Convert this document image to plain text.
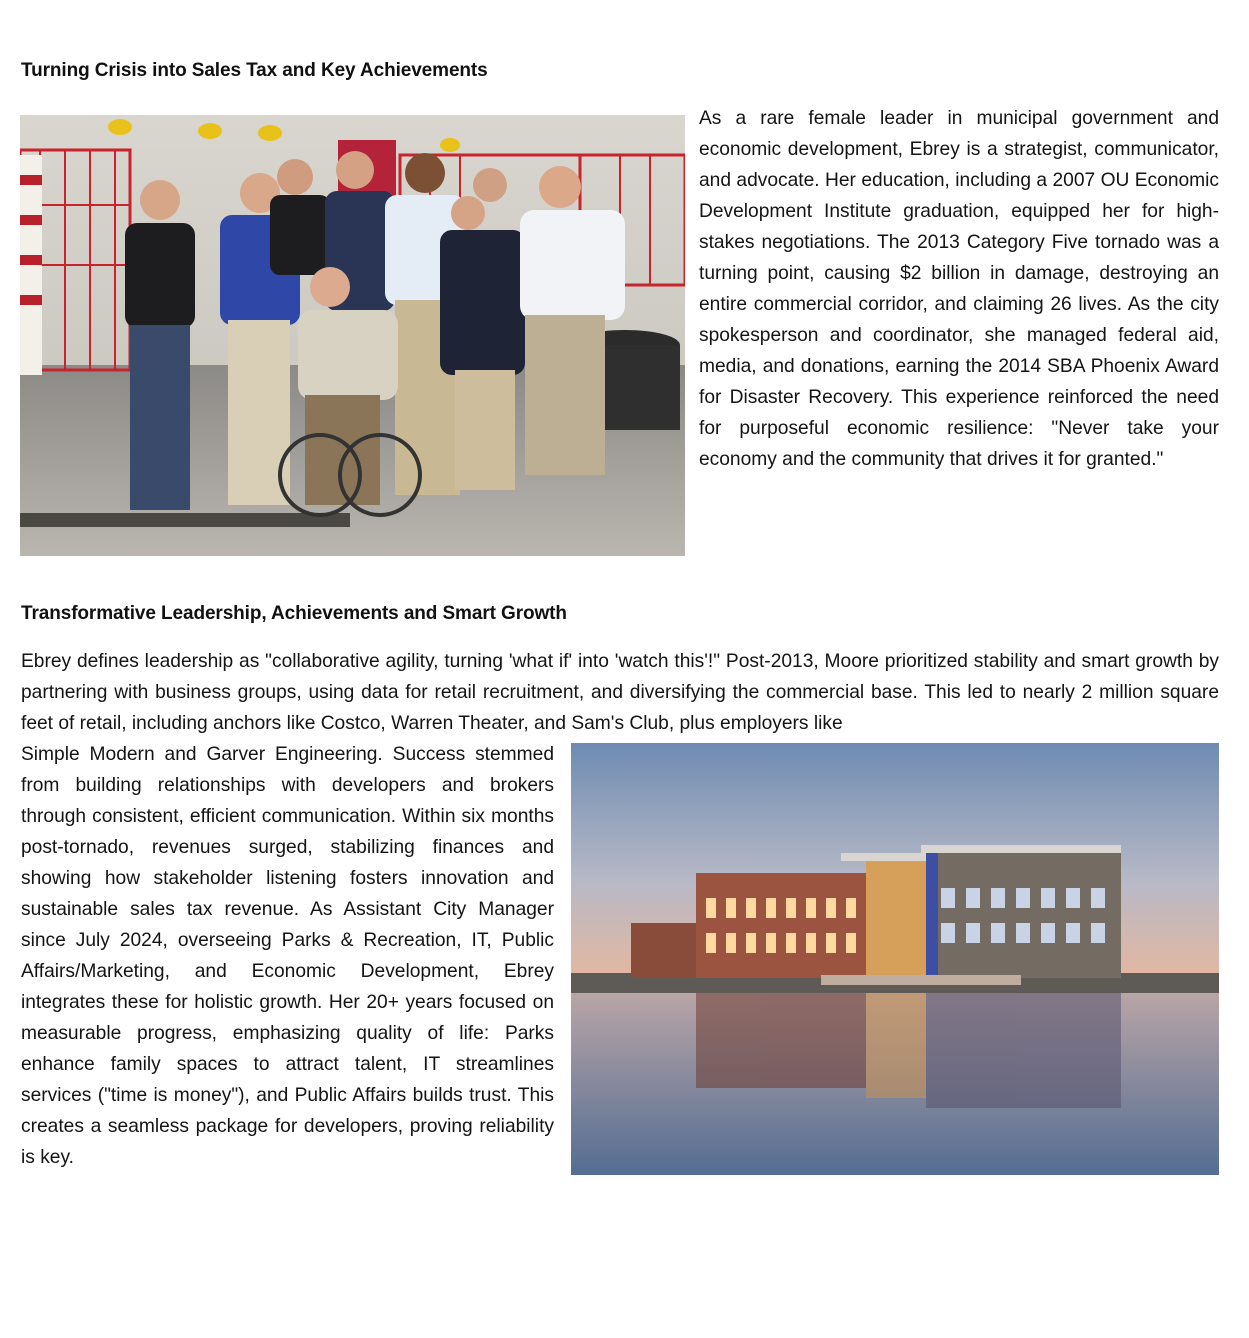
Turning Crisis into Sales Tax and Key Achievements

As a rare female leader in municipal government and economic development, Ebrey is a strategist, communicator, and advocate. Her education, including a 2007 OU Economic Development Institute graduation, equipped her for high-stakes negotiations. The 2013 Category Five tornado was a turning point, causing $2 billion in damage, destroying an entire commercial corridor, and claiming 26 lives. As the city spokesperson and coordinator, she managed federal aid, media, and donations, earning the 2014 SBA Phoenix Award for Disaster Recovery. This experience reinforced the need for purposeful economic resilience: "Never take your economy and the community that drives it for granted."

Transformative Leadership, Achievements and Smart Growth

Ebrey defines leadership as "collaborative agility, turning 'what if' into 'watch this'!" Post-2013, Moore prioritized stability and smart growth by partnering with business groups, using data for retail recruitment, and diversifying the commercial base. This led to nearly 2 million square feet of retail, including anchors like Costco, Warren Theater, and Sam's Club, plus employers like

Simple Modern and Garver Engineering. Success stemmed from building relationships with developers and brokers through consistent, efficient communication. Within six months post-tornado, revenues surged, stabilizing finances and showing how stakeholder listening fosters innovation and sustainable sales tax revenue. As Assistant City Manager since July 2024, overseeing Parks & Recreation, IT, Public Affairs/Marketing, and Economic Development, Ebrey integrates these for holistic growth. Her 20+ years focused on measurable progress, emphasizing quality of life: Parks enhance family spaces to attract talent, IT streamlines services ("time is money"), and Public Affairs builds trust. This creates a seamless package for developers, proving reliability is key.
